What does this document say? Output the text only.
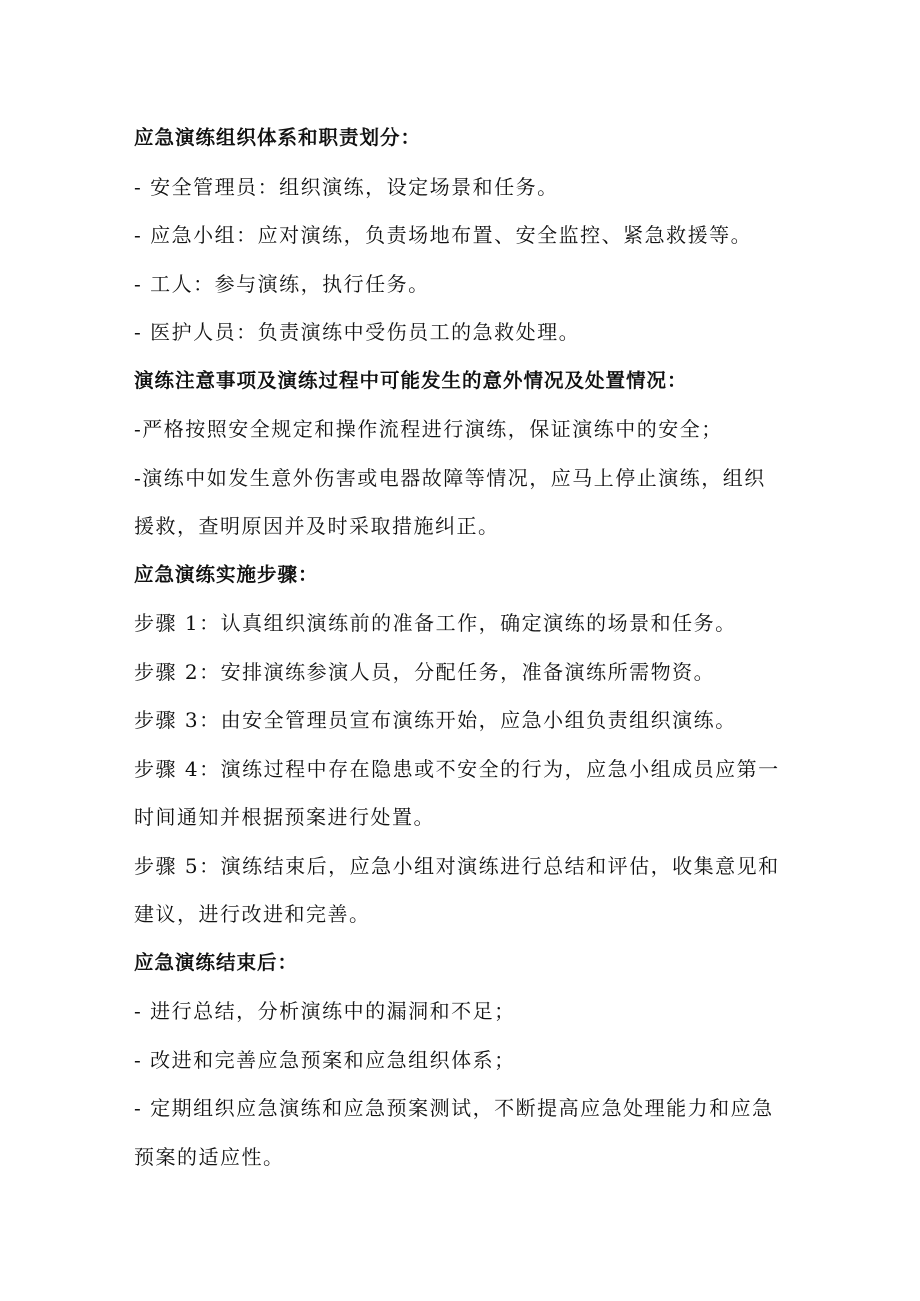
应急演练组织体系和职责划分：
- 安全管理员：组织演练，设定场景和任务。
- 应急小组：应对演练，负责场地布置、安全监控、紧急救援等。
- 工人：参与演练，执行任务。
- 医护人员：负责演练中受伤员工的急救处理。
演练注意事项及演练过程中可能发生的意外情况及处置情况：
-严格按照安全规定和操作流程进行演练，保证演练中的安全；
-演练中如发生意外伤害或电器故障等情况，应马上停止演练，组织
援救，查明原因并及时采取措施纠正。
应急演练实施步骤：
步骤 1：认真组织演练前的准备工作，确定演练的场景和任务。
步骤 2：安排演练参演人员，分配任务，准备演练所需物资。
步骤 3：由安全管理员宣布演练开始，应急小组负责组织演练。
步骤 4：演练过程中存在隐患或不安全的行为，应急小组成员应第一
时间通知并根据预案进行处置。
步骤 5：演练结束后，应急小组对演练进行总结和评估，收集意见和
建议，进行改进和完善。
应急演练结束后：
- 进行总结，分析演练中的漏洞和不足；
- 改进和完善应急预案和应急组织体系；
- 定期组织应急演练和应急预案测试，不断提高应急处理能力和应急
预案的适应性。
